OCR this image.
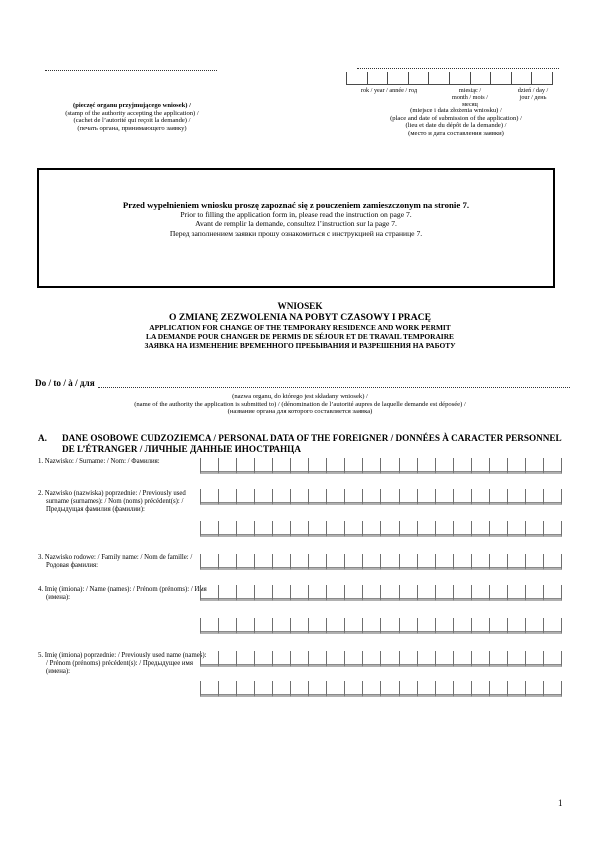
(pieczęć organu przyjmującego wniosek) /
(stamp of the authority accepting the application) /
(cachet de l’autorité qui reçoit la demande) /
(печать органа, принимающего заявку)
rok / year / année / год	miesiąc /
month / mois /
месяц
dzień / day /
jour / день
(miejsce i data złożenia wniosku) /
(place and date of submission of the application) /
(lieu et date du dépôt de la demande) /
(место и дата составления заявки)
Przed wypełnieniem wniosku proszę zapoznać się z pouczeniem zamieszczonym na stronie 7.
Prior to filling the application form in, please read the instruction on page 7.
Avant de remplir la demande, consultez l’instruction sur la page 7.
Перед заполнением заявки прошу ознакомиться с инструкцией на странице 7.
WNIOSEK
O ZMIANĘ ZEZWOLENIA NA POBYT CZASOWY I PRACĘ
APPLICATION FOR CHANGE OF THE TEMPORARY RESIDENCE AND WORK PERMIT
LA DEMANDE POUR CHANGER DE PERMIS DE SÉJOUR ET DE TRAVAIL TEMPORAIRE
ЗАЯВКА НА ИЗМЕНЕНИЕ ВРЕМЕННОГО ПРЕБЫВАНИЯ И РАЗРЕШЕНИЯ НА РАБОТУ
Do / to / à / для
(nazwa organu, do którego jest składany wniosek) /
(name of the authority the application is submitted to) / (dénomination de l’autorité aupres de laquelle demande est déposée) /
(название органа для которого составляется заявка)
A. DANE OSOBOWE CUDZOZIEMCA / PERSONAL DATA OF THE FOREIGNER / DONNÉES À CARACTER PERSONNEL DE L’ÉTRANGER / ЛИЧНЫЕ ДАННЫЕ ИНОСТРАНЦА
1. Nazwisko: / Surname: / Nom: / Фамилия:
2. Nazwisko (nazwiska) poprzednie: / Previously used surname (surnames): / Nom (noms) précédent(s): / Предыдущая фамилия (фамилии):
3. Nazwisko rodowe: / Family name: / Nom de famille: / Родовая фамилия:
4. Imię (imiona): / Name (names): / Prénom (prénoms): / Имя (имена):
5. Imię (imiona) poprzednie: / Previously used name (names): / Prénom (prénoms) précédent(s): / Предыдущее имя (имена):
1
